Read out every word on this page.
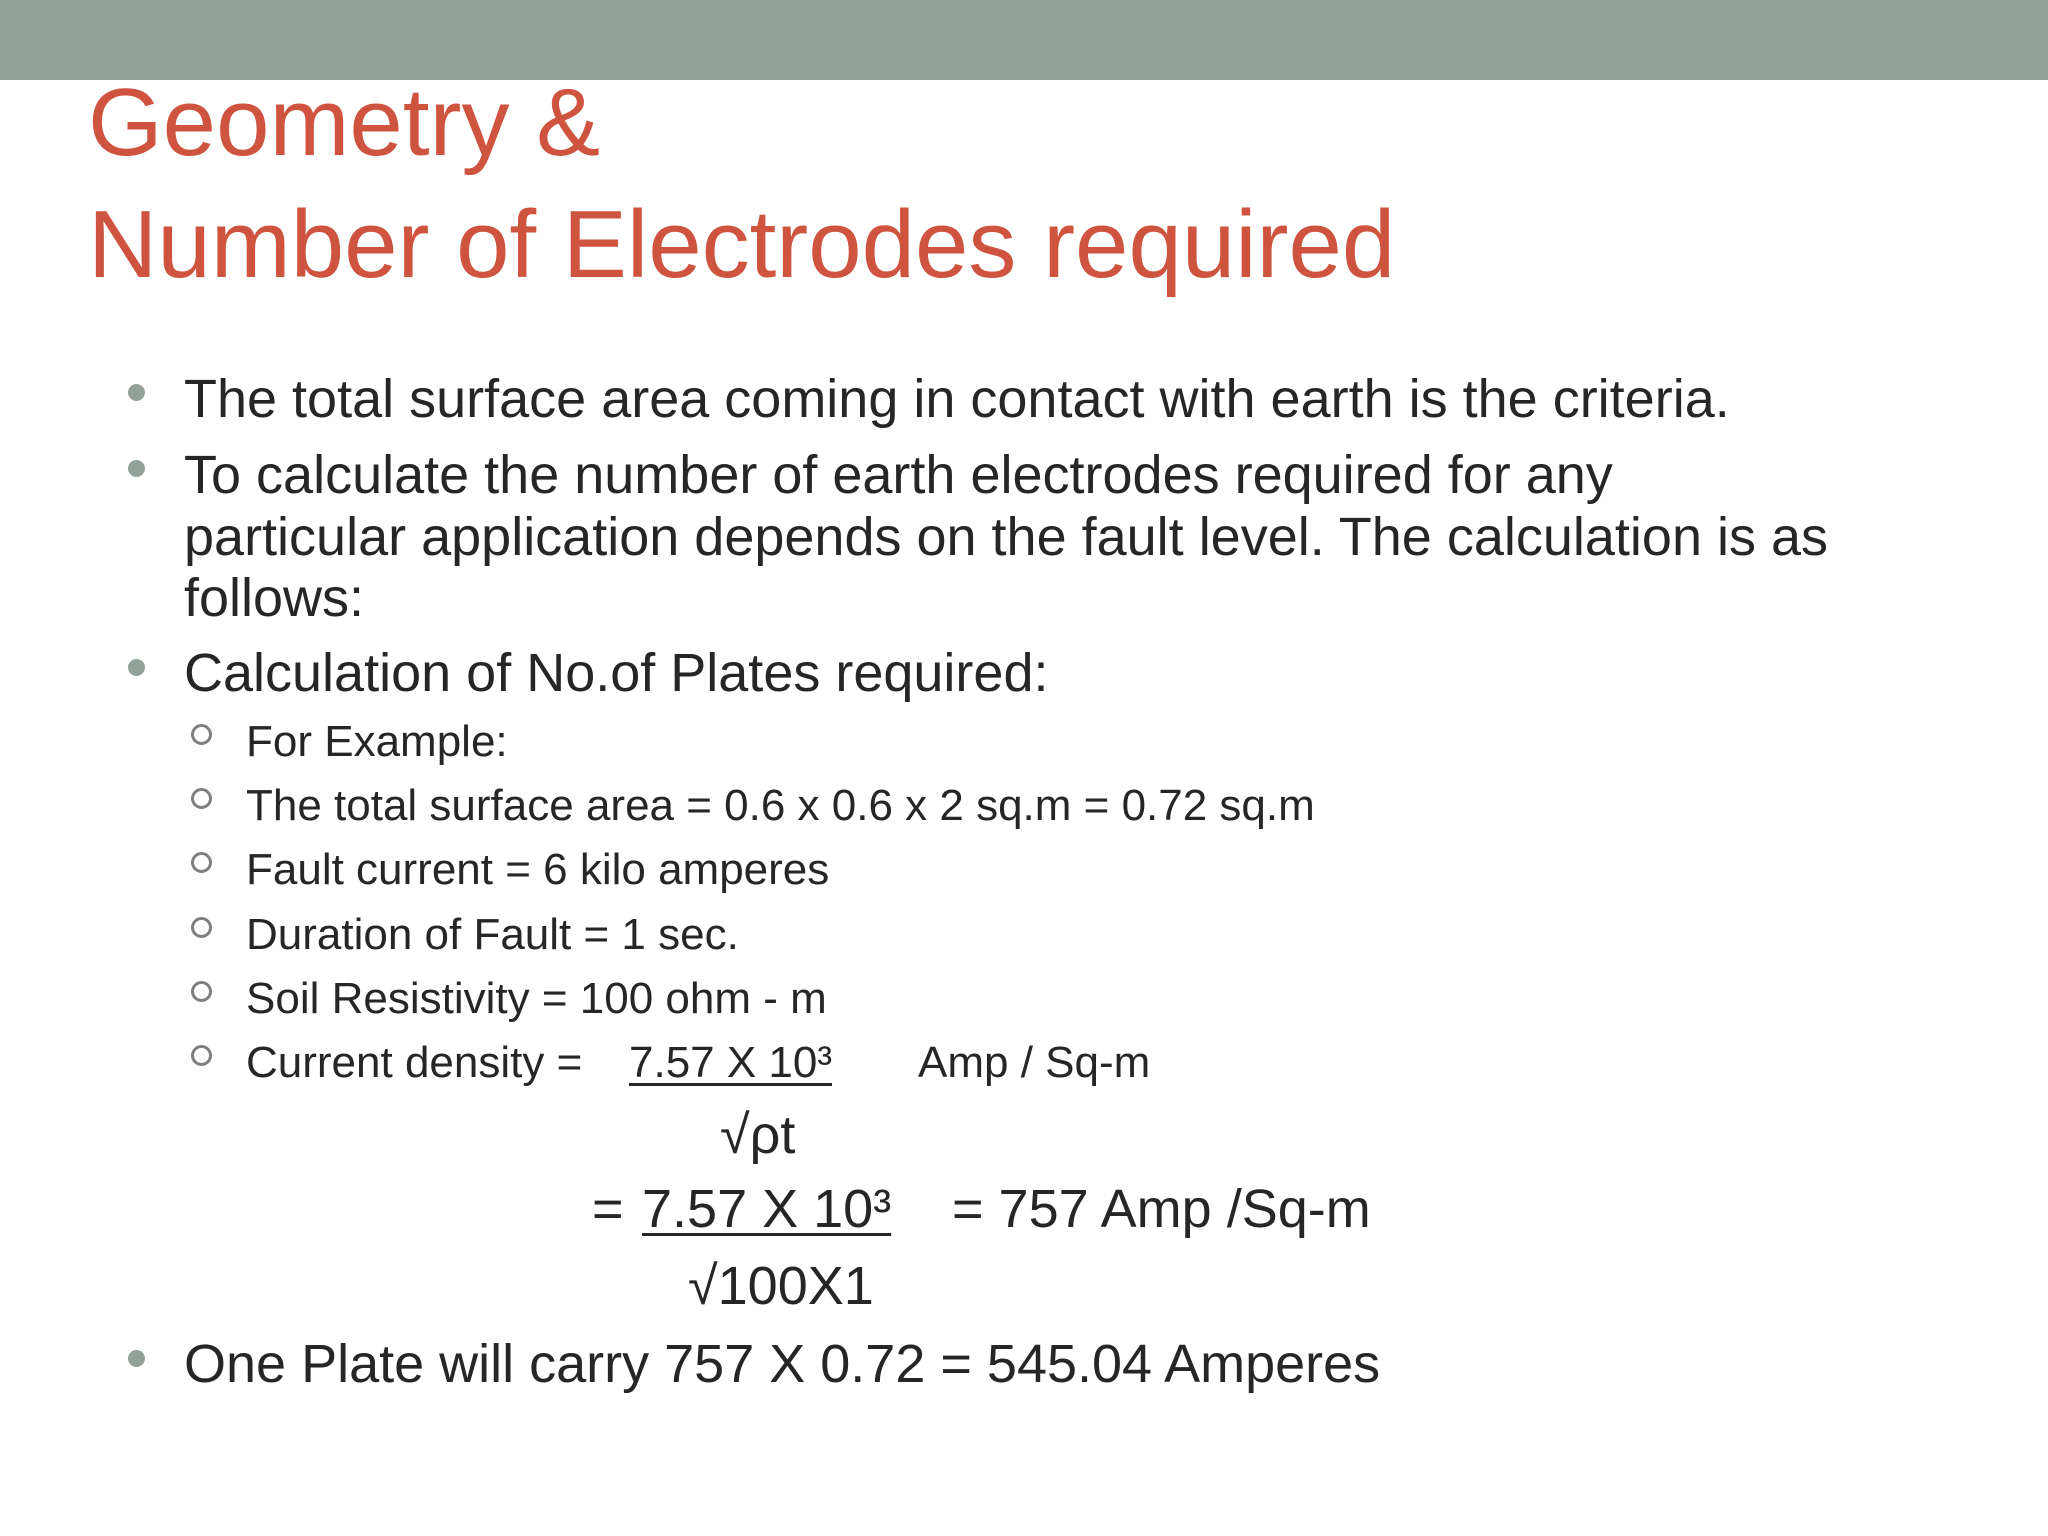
Geometry &
Number of Electrodes required
The total surface area coming in contact with earth is the criteria.
To calculate the number of earth electrodes required for any
particular application depends on the fault level. The calculation is as
follows:
Calculation of No.of Plates required:
For Example:
The total surface area = 0.6 x 0.6 x 2 sq.m = 0.72 sq.m
Fault current = 6 kilo amperes
Duration of Fault = 1 sec.
Soil Resistivity = 100 ohm - m
Current density = 7.57 X 10³ Amp / Sq-m
√ρt
= 7.57 X 10³ = 757 Amp /Sq-m
√100X1
One Plate will carry 757 X 0.72 = 545.04 Amperes
